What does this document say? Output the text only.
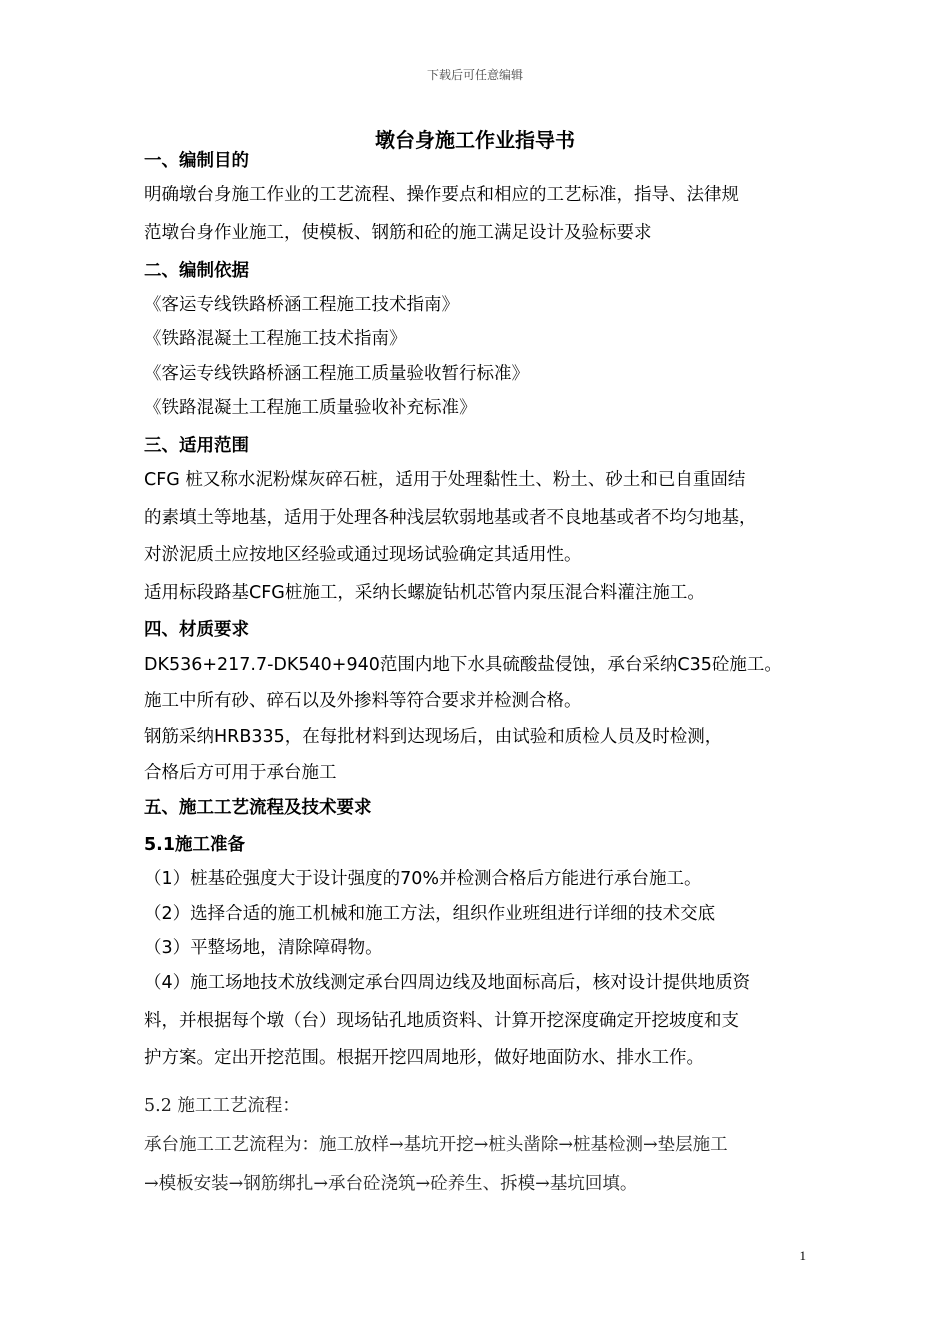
下载后可任意编辑
墩台身施工作业指导书
一、编制目的
明确墩台身施工作业的工艺流程、操作要点和相应的工艺标准，指导、法律规
范墩台身作业施工，使模板、钢筋和砼的施工满足设计及验标要求
二、编制依据
《客运专线铁路桥涵工程施工技术指南》
《铁路混凝土工程施工技术指南》
《客运专线铁路桥涵工程施工质量验收暂行标准》
《铁路混凝土工程施工质量验收补充标准》
三、适用范围
CFG 桩又称水泥粉煤灰碎石桩，适用于处理黏性土、粉土、砂土和已自重固结
的素填土等地基，适用于处理各种浅层软弱地基或者不良地基或者不均匀地基，
对淤泥质土应按地区经验或通过现场试验确定其适用性。
适用标段路基CFG桩施工，采纳长螺旋钻机芯管内泵压混合料灌注施工。
四、材质要求
DK536+217.7-DK540+940范围内地下水具硫酸盐侵蚀，承台采纳C35砼施工。
施工中所有砂、碎石以及外掺料等符合要求并检测合格。
钢筋采纳HRB335，在每批材料到达现场后，由试验和质检人员及时检测，
合格后方可用于承台施工
五、施工工艺流程及技术要求
5.1施工准备
（1）桩基砼强度大于设计强度的70%并检测合格后方能进行承台施工。
（2）选择合适的施工机械和施工方法，组织作业班组进行详细的技术交底
（3）平整场地，清除障碍物。
（4）施工场地技术放线测定承台四周边线及地面标高后，核对设计提供地质资
料，并根据每个墩（台）现场钻孔地质资料、计算开挖深度确定开挖坡度和支
护方案。定出开挖范围。根据开挖四周地形，做好地面防水、排水工作。
5.2 施工工艺流程：
承台施工工艺流程为：施工放样→基坑开挖→桩头凿除→桩基检测→垫层施工
→模板安装→钢筋绑扎→承台砼浇筑→砼养生、拆模→基坑回填。
1
